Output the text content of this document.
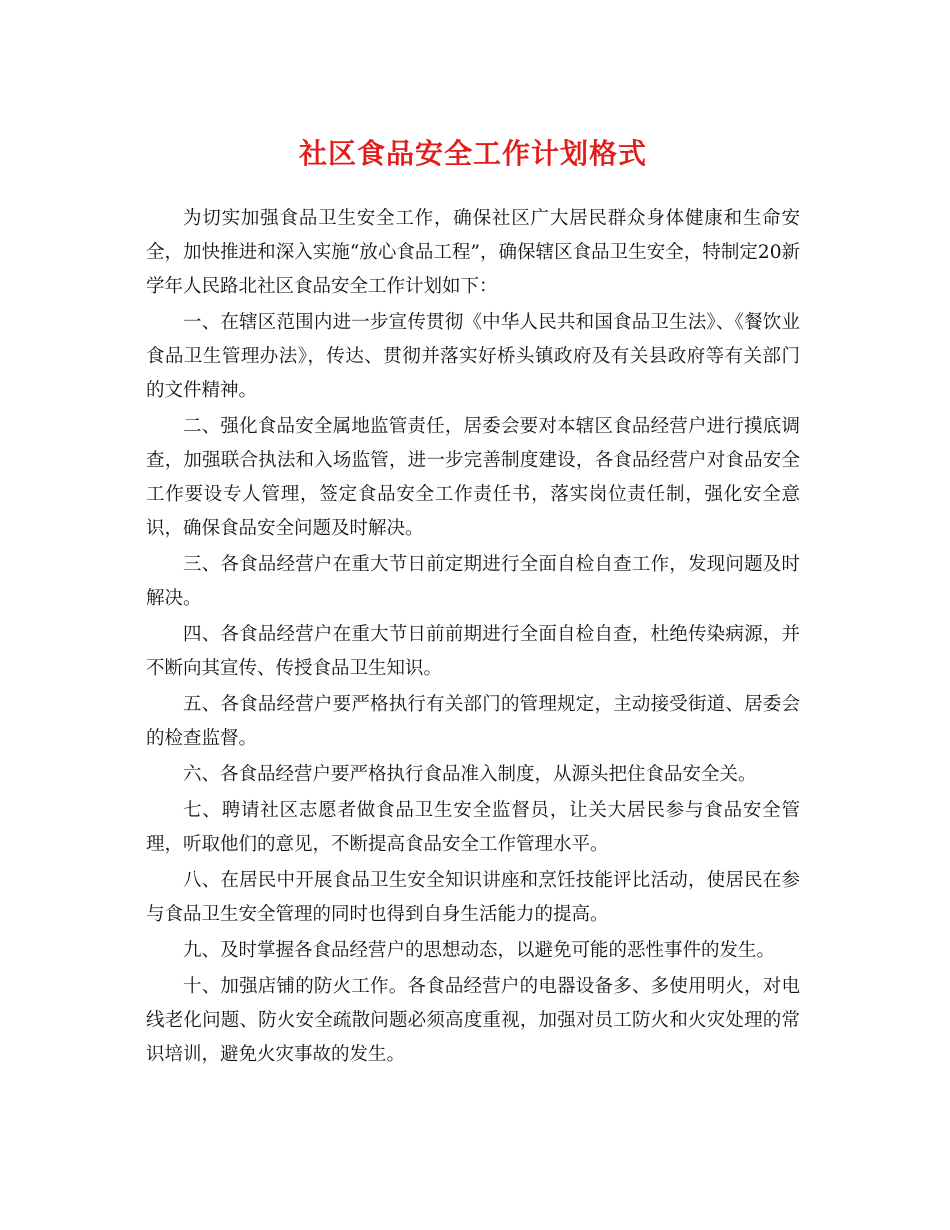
社区食品安全工作计划格式

为切实加强食品卫生安全工作，确保社区广大居民群众身体健康和生命安全，加快推进和深入实施“放心食品工程”，确保辖区食品卫生安全，特制定20新学年人民路北社区食品安全工作计划如下：

一、在辖区范围内进一步宣传贯彻《中华人民共和国食品卫生法》、《餐饮业食品卫生管理办法》，传达、贯彻并落实好桥头镇政府及有关县政府等有关部门的文件精神。

二、强化食品安全属地监管责任，居委会要对本辖区食品经营户进行摸底调查，加强联合执法和入场监管，进一步完善制度建设，各食品经营户对食品安全工作要设专人管理，签定食品安全工作责任书，落实岗位责任制，强化安全意识，确保食品安全问题及时解决。

三、各食品经营户在重大节日前定期进行全面自检自查工作，发现问题及时解决。

四、各食品经营户在重大节日前前期进行全面自检自查，杜绝传染病源，并不断向其宣传、传授食品卫生知识。

五、各食品经营户要严格执行有关部门的管理规定，主动接受街道、居委会的检查监督。

六、各食品经营户要严格执行食品准入制度，从源头把住食品安全关。

七、聘请社区志愿者做食品卫生安全监督员，让关大居民参与食品安全管理，听取他们的意见，不断提高食品安全工作管理水平。

八、在居民中开展食品卫生安全知识讲座和烹饪技能评比活动，使居民在参与食品卫生安全管理的同时也得到自身生活能力的提高。

九、及时掌握各食品经营户的思想动态，以避免可能的恶性事件的发生。

十、加强店铺的防火工作。各食品经营户的电器设备多、多使用明火，对电线老化问题、防火安全疏散问题必须高度重视，加强对员工防火和火灾处理的常识培训，避免火灾事故的发生。
